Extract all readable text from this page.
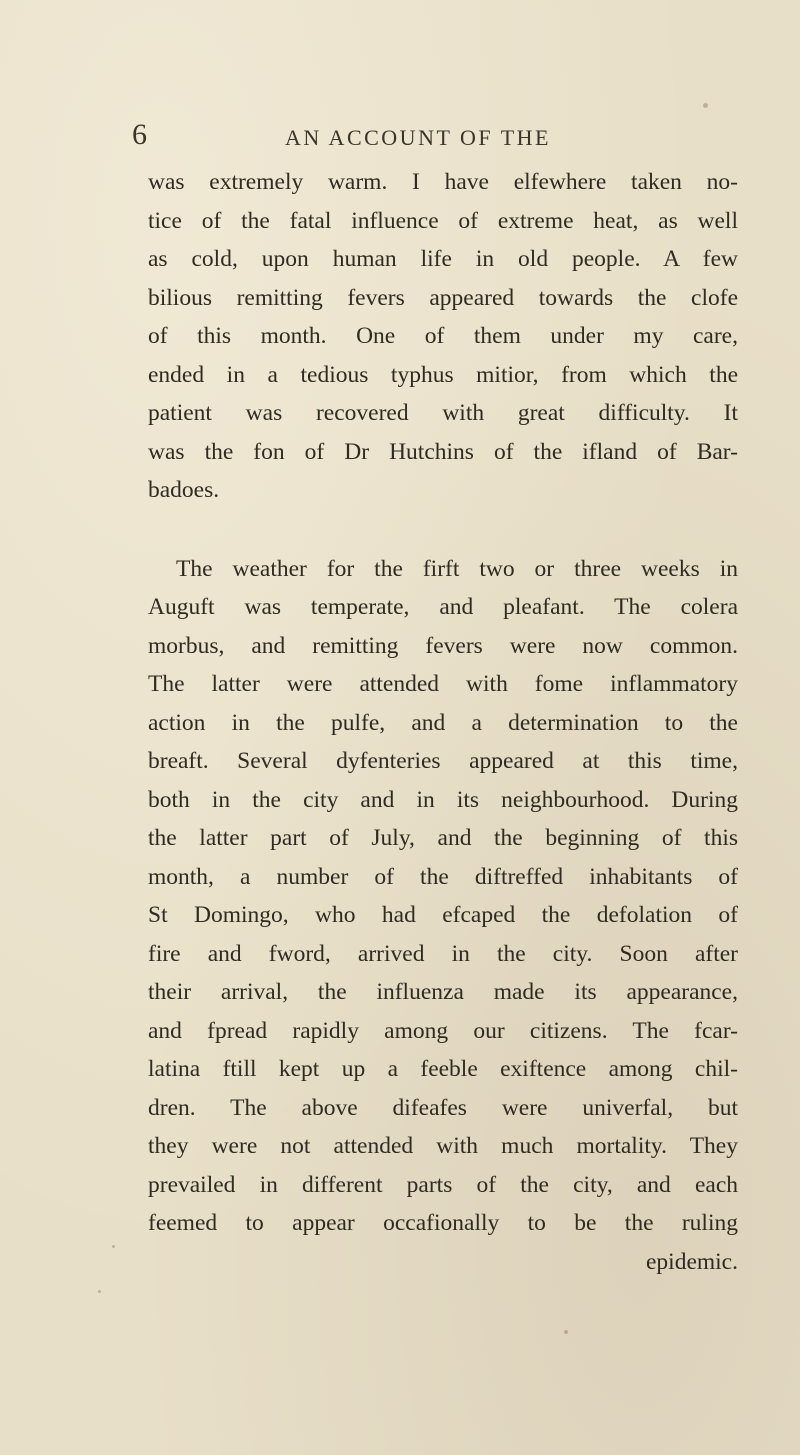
6	AN ACCOUNT OF THE
was extremely warm. I have elfewhere taken no-
tice of the fatal influence of extreme heat, as well
as cold, upon human life in old people. A few
bilious remitting fevers appeared towards the clofe
of this month. One of them under my care,
ended in a tedious typhus mitior, from which the
patient was recovered with great difficulty. It
was the fon of Dr Hutchins of the ifland of Bar-
badoes.
The weather for the firft two or three weeks in
Auguft was temperate, and pleafant. The colera
morbus, and remitting fevers were now common.
The latter were attended with fome inflammatory
action in the pulfe, and a determination to the
breaft. Several dyfenteries appeared at this time,
both in the city and in its neighbourhood. During
the latter part of July, and the beginning of this
month, a number of the diftreffed inhabitants of
St Domingo, who had efcaped the defolation of
fire and fword, arrived in the city. Soon after
their arrival, the influenza made its appearance,
and fpread rapidly among our citizens. The fcar-
latina ftill kept up a feeble exiftence among chil-
dren. The above difeafes were univerfal, but
they were not attended with much mortality. They
prevailed in different parts of the city, and each
feemed to appear occafionally to be the ruling
epidemic.
